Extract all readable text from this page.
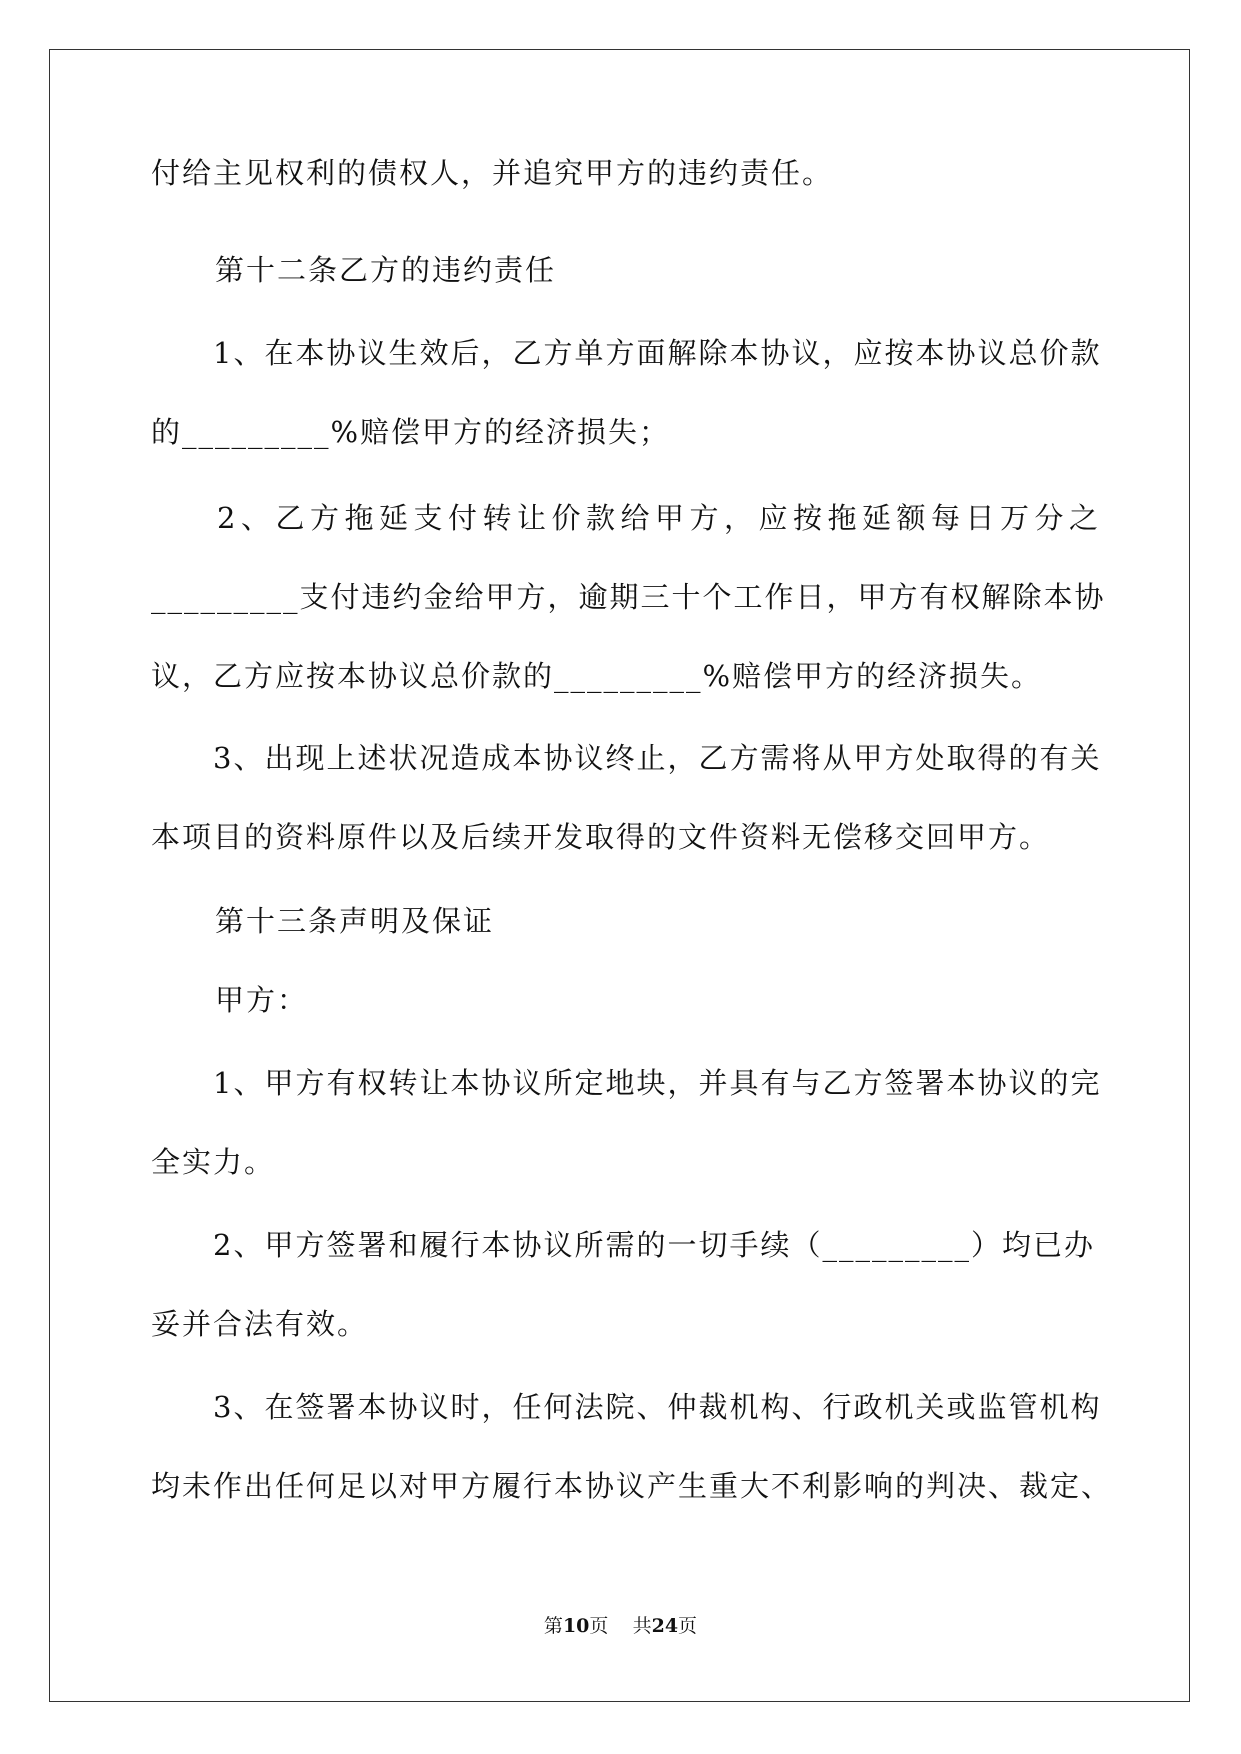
付给主见权利的债权人，并追究甲方的违约责任。

第十二条乙方的违约责任

1、在本协议生效后，乙方单方面解除本协议，应按本协议总价款

的_________%赔偿甲方的经济损失；

2、乙方拖延支付转让价款给甲方，应按拖延额每日万分之

_________支付违约金给甲方，逾期三十个工作日，甲方有权解除本协

议，乙方应按本协议总价款的_________%赔偿甲方的经济损失。

3、出现上述状况造成本协议终止，乙方需将从甲方处取得的有关

本项目的资料原件以及后续开发取得的文件资料无偿移交回甲方。

第十三条声明及保证

甲方：

1、甲方有权转让本协议所定地块，并具有与乙方签署本协议的完

全实力。

2、甲方签署和履行本协议所需的一切手续（_________）均已办

妥并合法有效。

3、在签署本协议时，任何法院、仲裁机构、行政机关或监管机构

均未作出任何足以对甲方履行本协议产生重大不利影响的判决、裁定、

第10页 共24页
